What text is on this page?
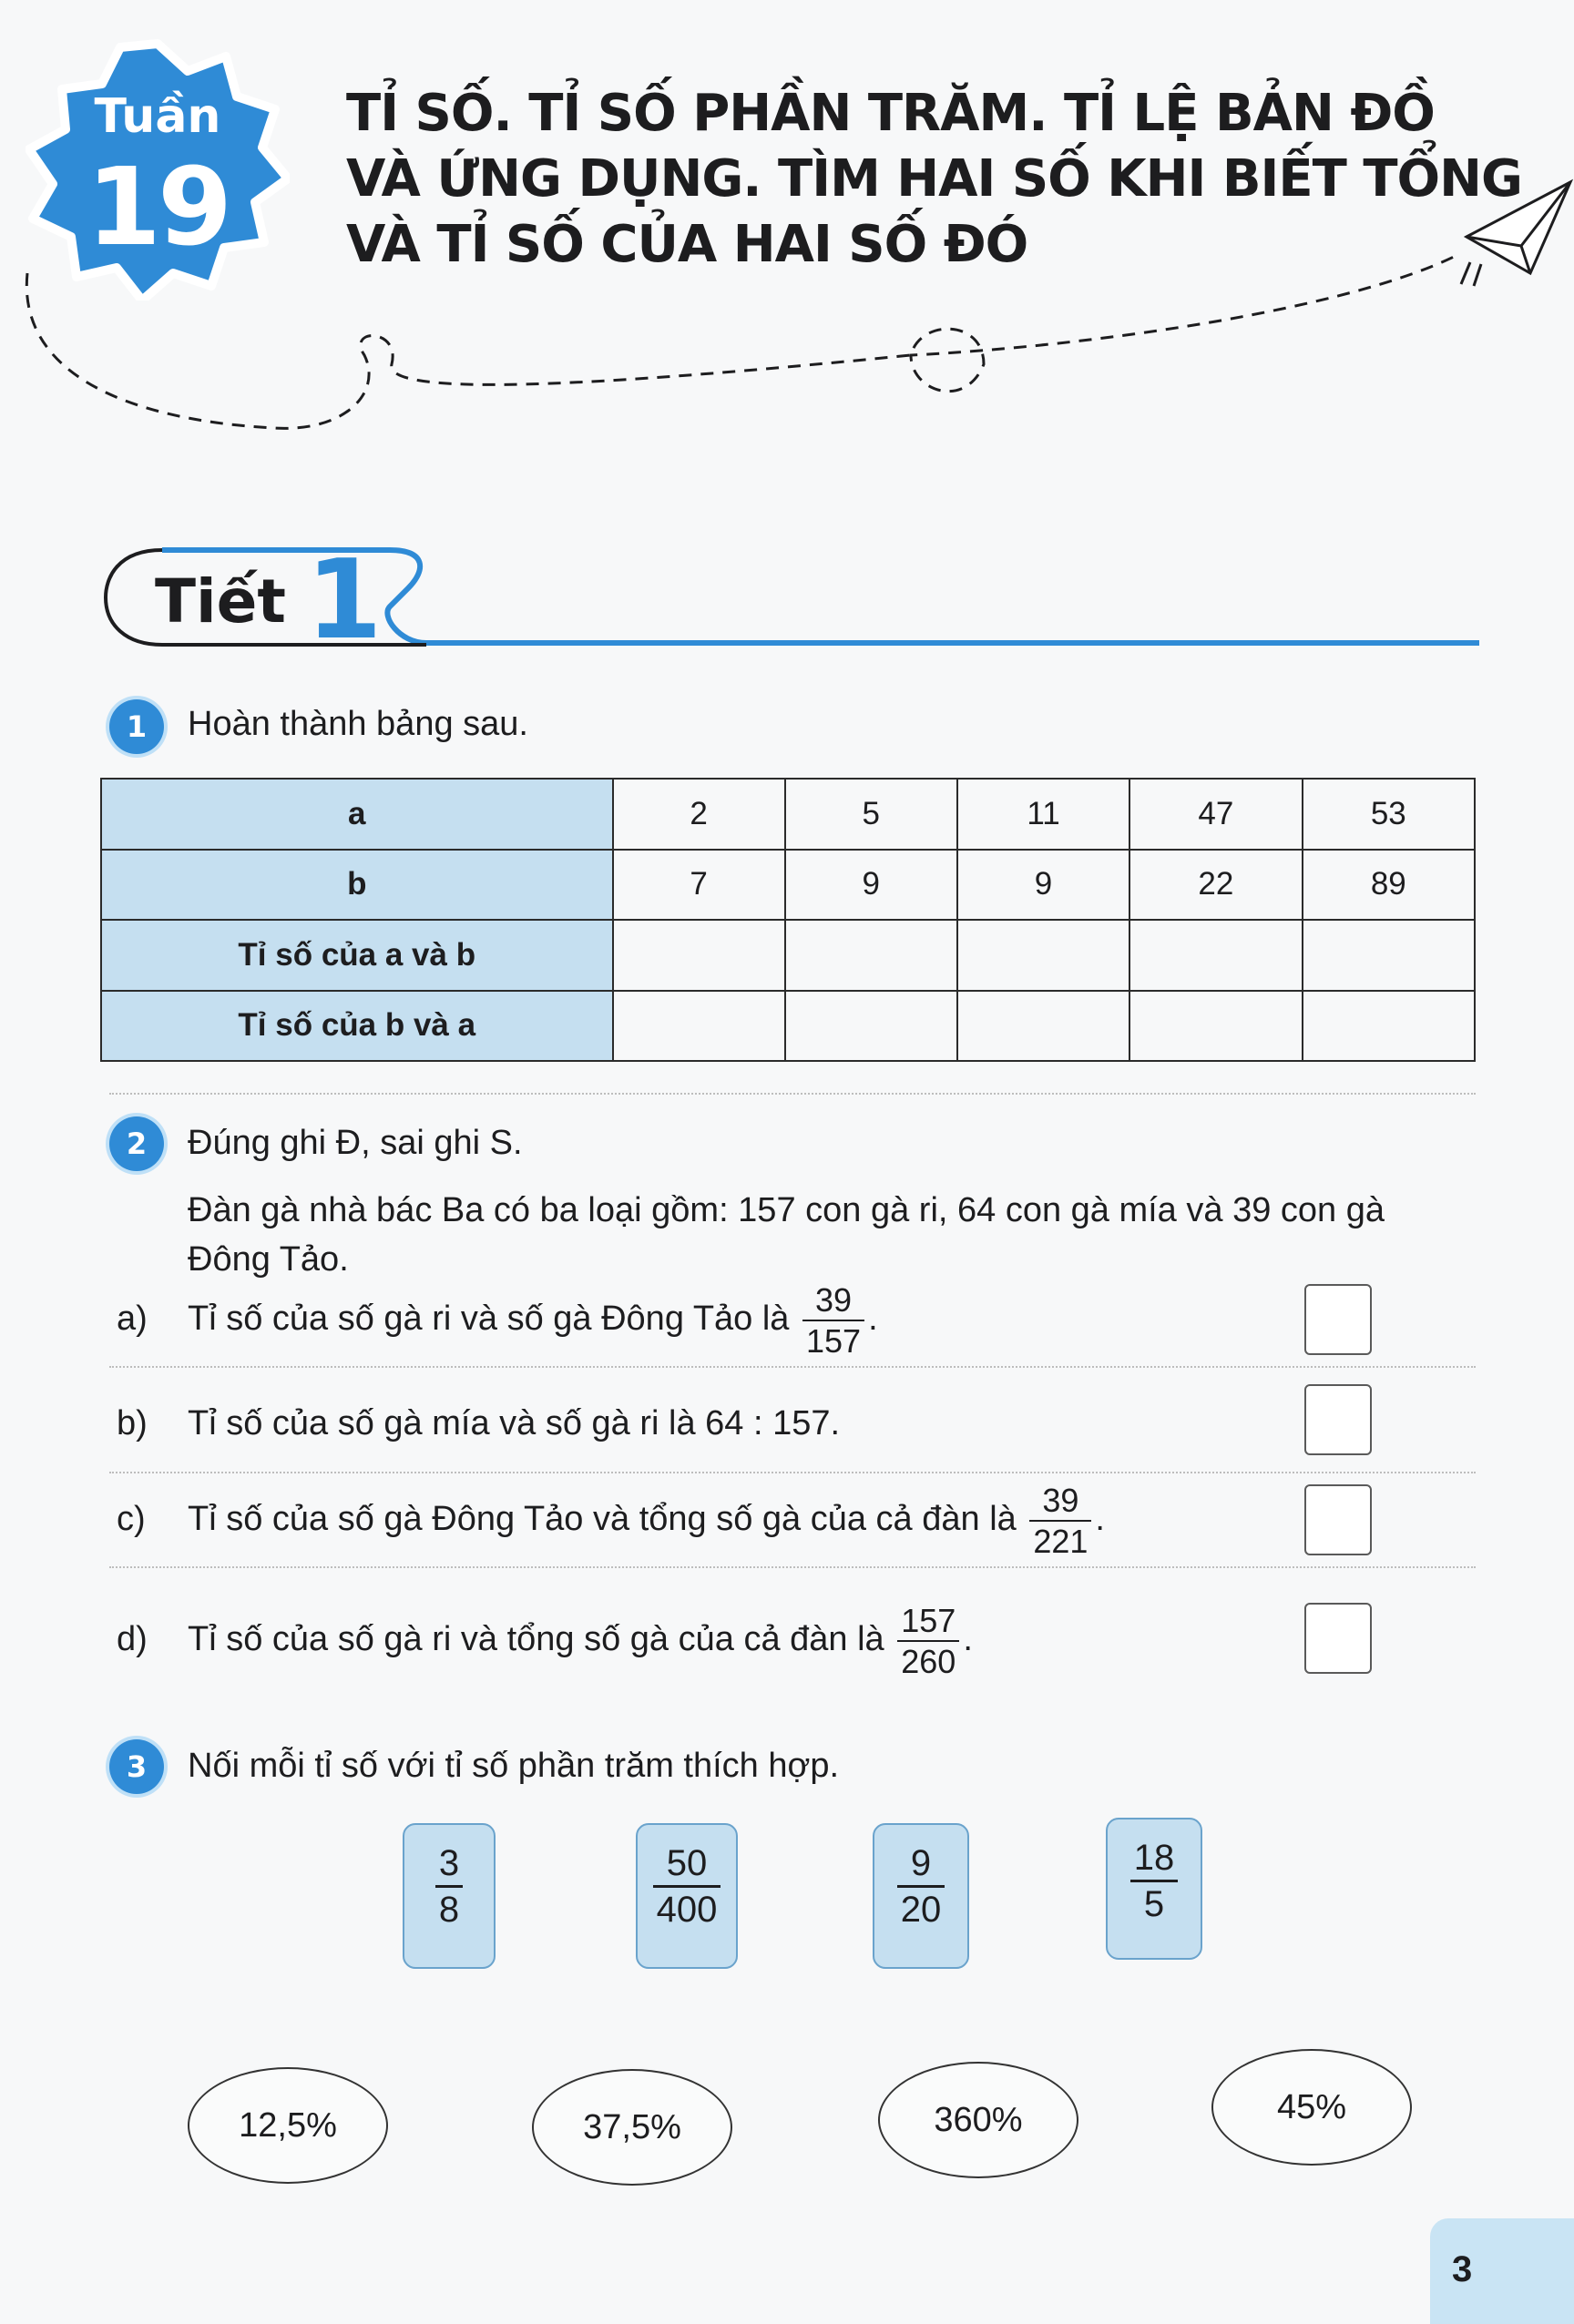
Tuần
19
TỈ SỐ. TỈ SỐ PHẦN TRĂM. TỈ LỆ BẢN ĐỒ
VÀ ỨNG DỤNG. TÌM HAI SỐ KHI BIẾT TỔNG
VÀ TỈ SỐ CỦA HAI SỐ ĐÓ
Tiết 1
1	Hoàn thành bảng sau.
a	2	5	11	47	53
b	7	9	9	22	89
Tỉ số của a và b					
Tỉ số của b và a					
2	Đúng ghi Đ, sai ghi S.
Đàn gà nhà bác Ba có ba loại gồm: 157 con gà ri, 64 con gà mía và 39 con gà
Đông Tảo.
a) Tỉ số của số gà ri và số gà Đông Tảo là $\frac{39}{157}$ .
b) Tỉ số của số gà mía và số gà ri là 64 : 157.
c) Tỉ số của số gà Đông Tảo và tổng số gà của cả đàn là $\frac{39}{221}$ .
d) Tỉ số của số gà ri và tổng số gà của cả đàn là $\frac{157}{260}$ .
3	Nối mỗi tỉ số với tỉ số phần trăm thích hợp.
$\frac{3}{8}$	$\frac{50}{400}$	$\frac{9}{20}$	$\frac{18}{5}$
12,5%	37,5%	360%	45%
3
